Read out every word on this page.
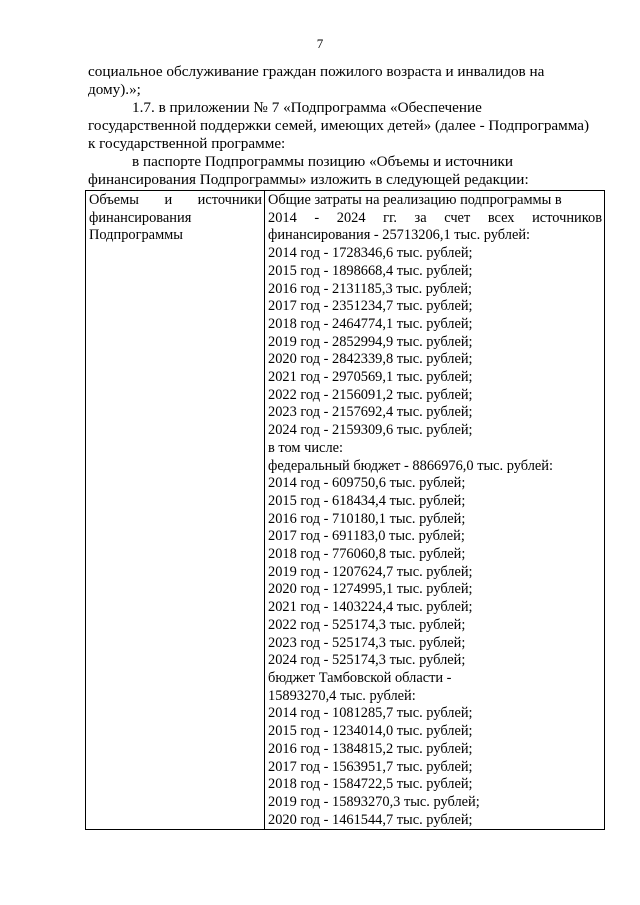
7

социальное обслуживание граждан пожилого возраста и инвалидов на

дому).»;

1.7. в приложении № 7 «Подпрограмма «Обеспечение

государственной поддержки семей, имеющих детей» (далее - Подпрограмма)

к государственной программе:

в паспорте Подпрограммы позицию «Объемы и источники

финансирования Подпрограммы» изложить в следующей редакции:

Объемы и источники
финансирования
Подпрограммы

Общие затраты на реализацию подпрограммы в
2014 - 2024 гг. за счет всех источников
финансирования - 25713206,1 тыс. рублей:
2014 год - 1728346,6 тыс. рублей;
2015 год - 1898668,4 тыс. рублей;
2016 год - 2131185,3 тыс. рублей;
2017 год - 2351234,7 тыс. рублей;
2018 год - 2464774,1 тыс. рублей;
2019 год - 2852994,9 тыс. рублей;
2020 год - 2842339,8 тыс. рублей;
2021 год - 2970569,1 тыс. рублей;
2022 год - 2156091,2 тыс. рублей;
2023 год - 2157692,4 тыс. рублей;
2024 год - 2159309,6 тыс. рублей;
в том числе:
федеральный бюджет - 8866976,0 тыс. рублей:
2014 год - 609750,6 тыс. рублей;
2015 год - 618434,4 тыс. рублей;
2016 год - 710180,1 тыс. рублей;
2017 год - 691183,0 тыс. рублей;
2018 год - 776060,8 тыс. рублей;
2019 год - 1207624,7 тыс. рублей;
2020 год - 1274995,1 тыс. рублей;
2021 год - 1403224,4 тыс. рублей;
2022 год - 525174,3 тыс. рублей;
2023 год - 525174,3 тыс. рублей;
2024 год - 525174,3 тыс. рублей;
бюджет Тамбовской области -
15893270,4 тыс. рублей:
2014 год - 1081285,7 тыс. рублей;
2015 год - 1234014,0 тыс. рублей;
2016 год - 1384815,2 тыс. рублей;
2017 год - 1563951,7 тыс. рублей;
2018 год - 1584722,5 тыс. рублей;
2019 год - 15893270,3 тыс. рублей;
2020 год - 1461544,7 тыс. рублей;
